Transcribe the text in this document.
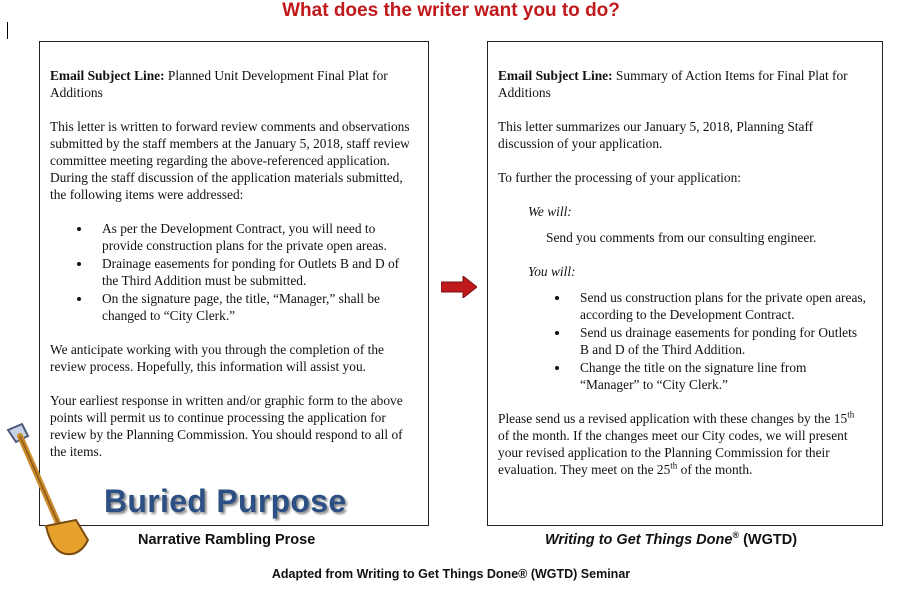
What does the writer want you to do?

Email Subject Line: Planned Unit Development Final Plat for Additions

This letter is written to forward review comments and observations submitted by the staff members at the January 5, 2018, staff review committee meeting regarding the above-referenced application. During the staff discussion of the application materials submitted, the following items were addressed:

• As per the Development Contract, you will need to provide construction plans for the private open areas.
• Drainage easements for ponding for Outlets B and D of the Third Addition must be submitted.
• On the signature page, the title, “Manager,” shall be changed to “City Clerk.”

We anticipate working with you through the completion of the review process. Hopefully, this information will assist you.

Your earliest response in written and/or graphic form to the above points will permit us to continue processing the application for review by the Planning Commission. You should respond to all of the items.

Email Subject Line: Summary of Action Items for Final Plat for Additions

This letter summarizes our January 5, 2018, Planning Staff discussion of your application.

To further the processing of your application:

We will:
Send you comments from our consulting engineer.
You will:
• Send us construction plans for the private open areas, according to the Development Contract.
• Send us drainage easements for ponding for Outlets B and D of the Third Addition.
• Change the title on the signature line from “Manager” to “City Clerk.”

Please send us a revised application with these changes by the 15th of the month. If the changes meet our City codes, we will present your revised application to the Planning Commission for their evaluation. They meet on the 25th of the month.

Buried Purpose
Narrative Rambling Prose	Writing to Get Things Done® (WGTD)
Adapted from Writing to Get Things Done® (WGTD) Seminar
